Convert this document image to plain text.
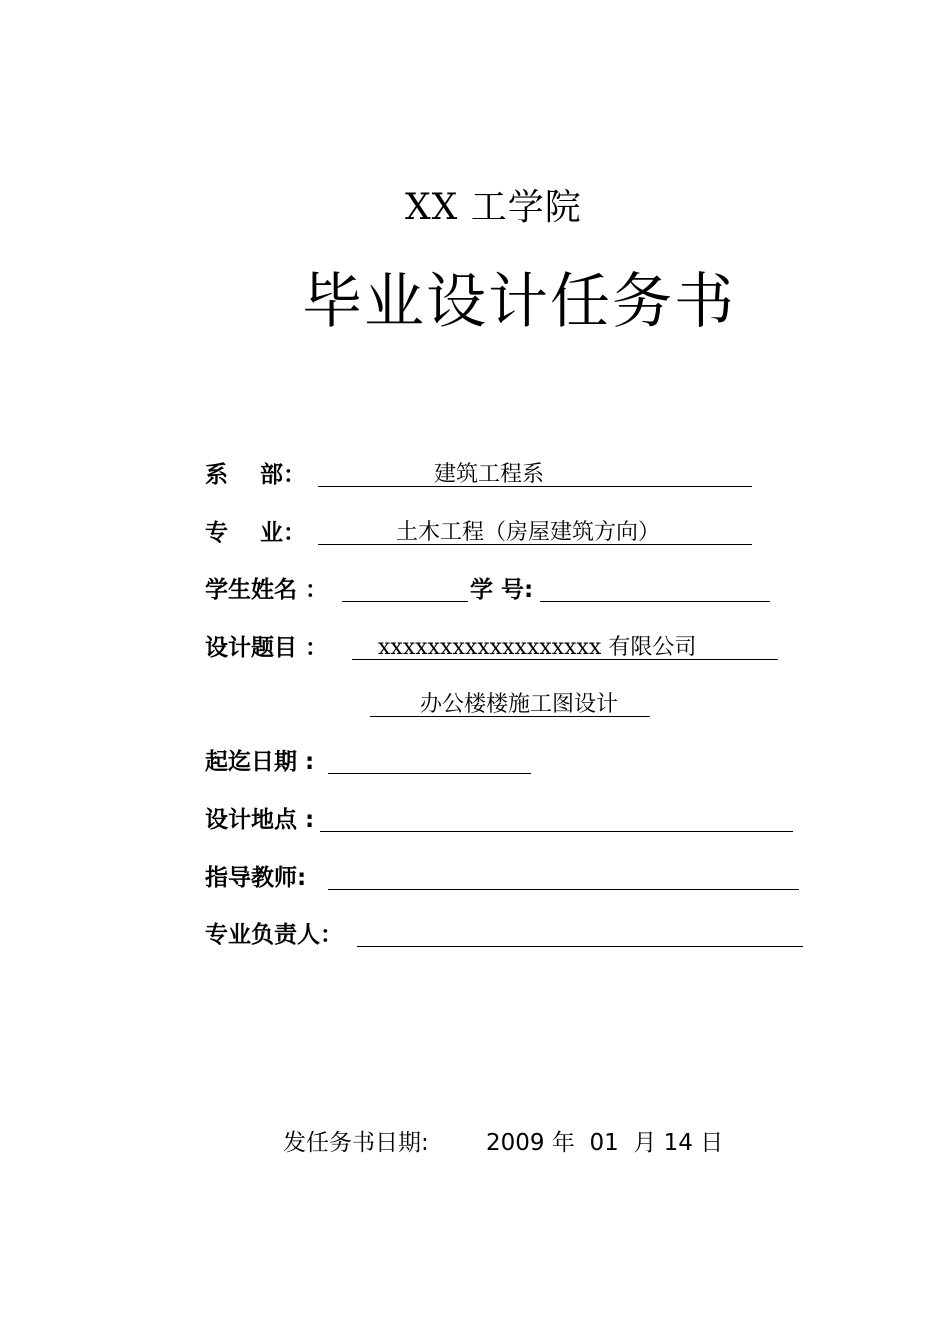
XX 工学院
毕业设计任务书
系    部：	建筑工程系
专    业：	土木工程（房屋建筑方向）
学生姓名 ：	学 号:
设计题目 ： xxxxxxxxxxxxxxxxxx 有限公司
办公楼楼施工图设计
起迄日期 :
设计地点 :
指导教师:
专业负责人：
发任务书日期: 2009 年  01  月 14 日
